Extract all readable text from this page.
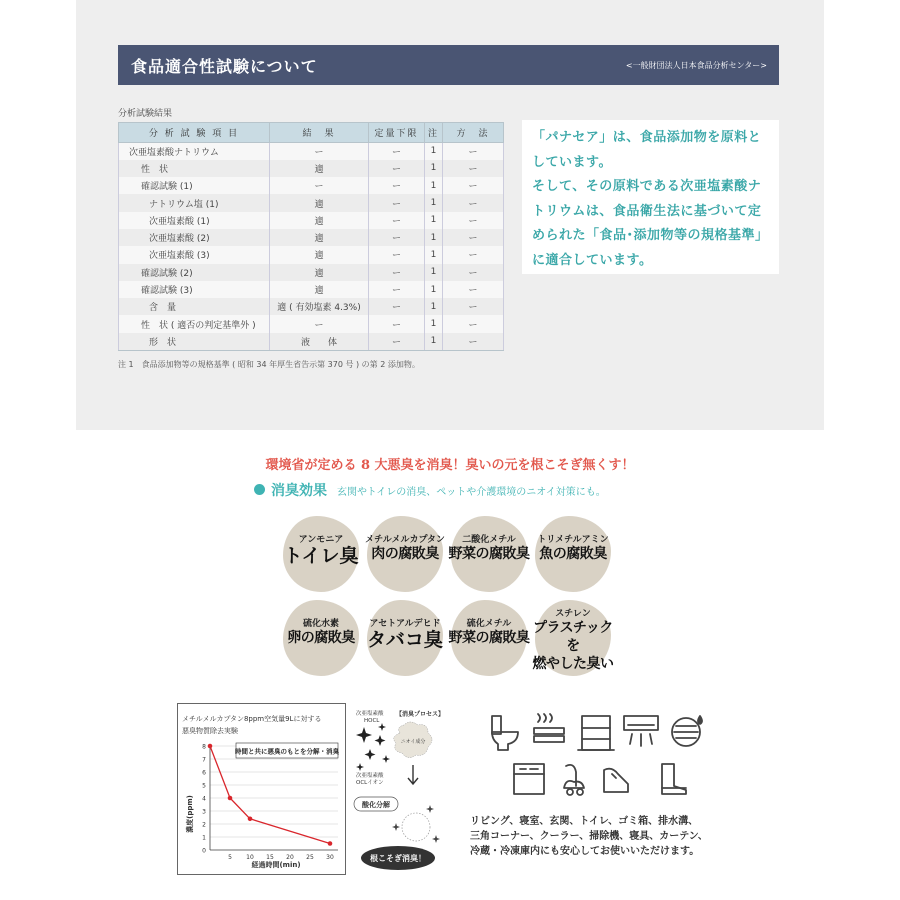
食品適合性試験について	<一般財団法人日本食品分析センター>
分析試験結果
分 析 試 験 項 目	結　果	定量下限	注	方　法
次亜塩素酸ナトリウム	ー	ー	1	ー
性　状	適	ー	1	ー
確認試験 (1)	ー	ー	1	ー
ナトリウム塩 (1)	適	ー	1	ー
次亜塩素酸 (1)	適	ー	1	ー
次亜塩素酸 (2)	適	ー	1	ー
次亜塩素酸 (3)	適	ー	1	ー
確認試験 (2)	適	ー	1	ー
確認試験 (3)	適	ー	1	ー
含　量	適 ( 有効塩素 4.3%)	ー	1	ー
性　状 ( 適否の判定基準外 )	ー	ー	1	ー
形　状	液　　体	ー	1	ー
注 1　食品添加物等の規格基準 ( 昭和 34 年厚生省告示第 370 号 ) の第 2 添加物。

「パナセア」は、食品添加物を原料と

しています。

そして、その原料である次亜塩素酸ナ

トリウムは、食品衛生法に基づいて定

められた「食品･添加物等の規格基準」

に適合しています。

環境省が定める 8 大悪臭を消臭！臭いの元を根こそぎ無くす！
消臭効果 玄関やトイレの消臭、ペットや介護環境のニオイ対策にも。
アンモニア
トイレ臭
メチルメルカプタン
肉の腐敗臭
二酸化メチル
野菜の腐敗臭
トリメチルアミン
魚の腐敗臭
硫化水素
卵の腐敗臭
アセトアルデヒド
タバコ臭
硫化メチル
野菜の腐敗臭
スチレン
プラスチックを
燃やした臭い
メチルメルカプタン8ppm空気量9Lに対する
悪臭物質除去実験
0
1
2
3
4
5
6
7
8
5 10 15 20 25 30
濃度(ppm)
経過時間(min)
時間と共に悪臭のもとを分解・消臭
次亜塩素酸
HOCL
【消臭プロセス】
ニオイ成分
次亜塩素酸
OCLイオン
酸化分解
根こそぎ消臭！
リビング、寝室、玄関、トイレ、ゴミ箱、排水溝、
三角コーナー、クーラー、掃除機、寝具、カーテン、
冷蔵・冷凍庫内にも安心してお使いいただけます。
